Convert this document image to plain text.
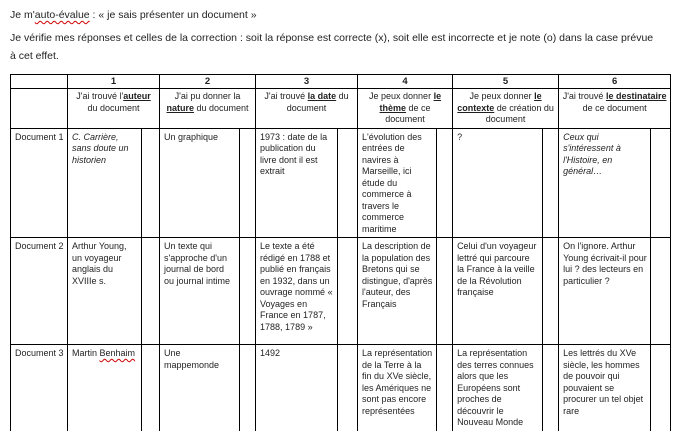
Je m'auto-évalue : « je sais présenter un document »

Je vérifie mes réponses et celles de la correction : soit la réponse est correcte (x), soit elle est incorrecte et je note (o) dans la case prévue à cet effet.

	1		2		3		4		5		6	
	J'ai trouvé l'auteur du document		J'ai pu donner la nature du document		J'ai trouvé la date du document		Je peux donner le thème de ce document		Je peux donner le contexte de création du document		J'ai trouvé le destinataire de ce document	
Document 1	C. Carrière, sans doute un historien		Un graphique		1973 : date de la publication du livre dont il est extrait		L'évolution des entrées de navires à Marseille, ici étude du commerce à travers le commerce maritime		?		Ceux qui s'intéressent à l'Histoire, en général…	
Document 2	Arthur Young, un voyageur anglais du XVIIIe s.		Un texte qui s'approche d'un journal de bord ou journal intime		Le texte a été rédigé en 1788 et publié en français en 1932, dans un ouvrage nommé « Voyages en France en 1787, 1788, 1789 »		La description de la population des Bretons qui se distingue, d'après l'auteur, des Français		Celui d'un voyageur lettré qui parcoure la France à la veille de la Révolution française		On l'ignore. Arthur Young écrivait-il pour lui ? des lecteurs en particulier ?	
Document 3	Martin Benhaim		Une mappemonde		1492		La représentation de la Terre à la fin du XVe siècle, les Amériques ne sont pas encore représentées		La représentation des terres connues alors que les Européens sont proches de découvrir le Nouveau Monde		Les lettrés du XVe siècle, les hommes de pouvoir qui pouvaient se procurer un tel objet rare	
